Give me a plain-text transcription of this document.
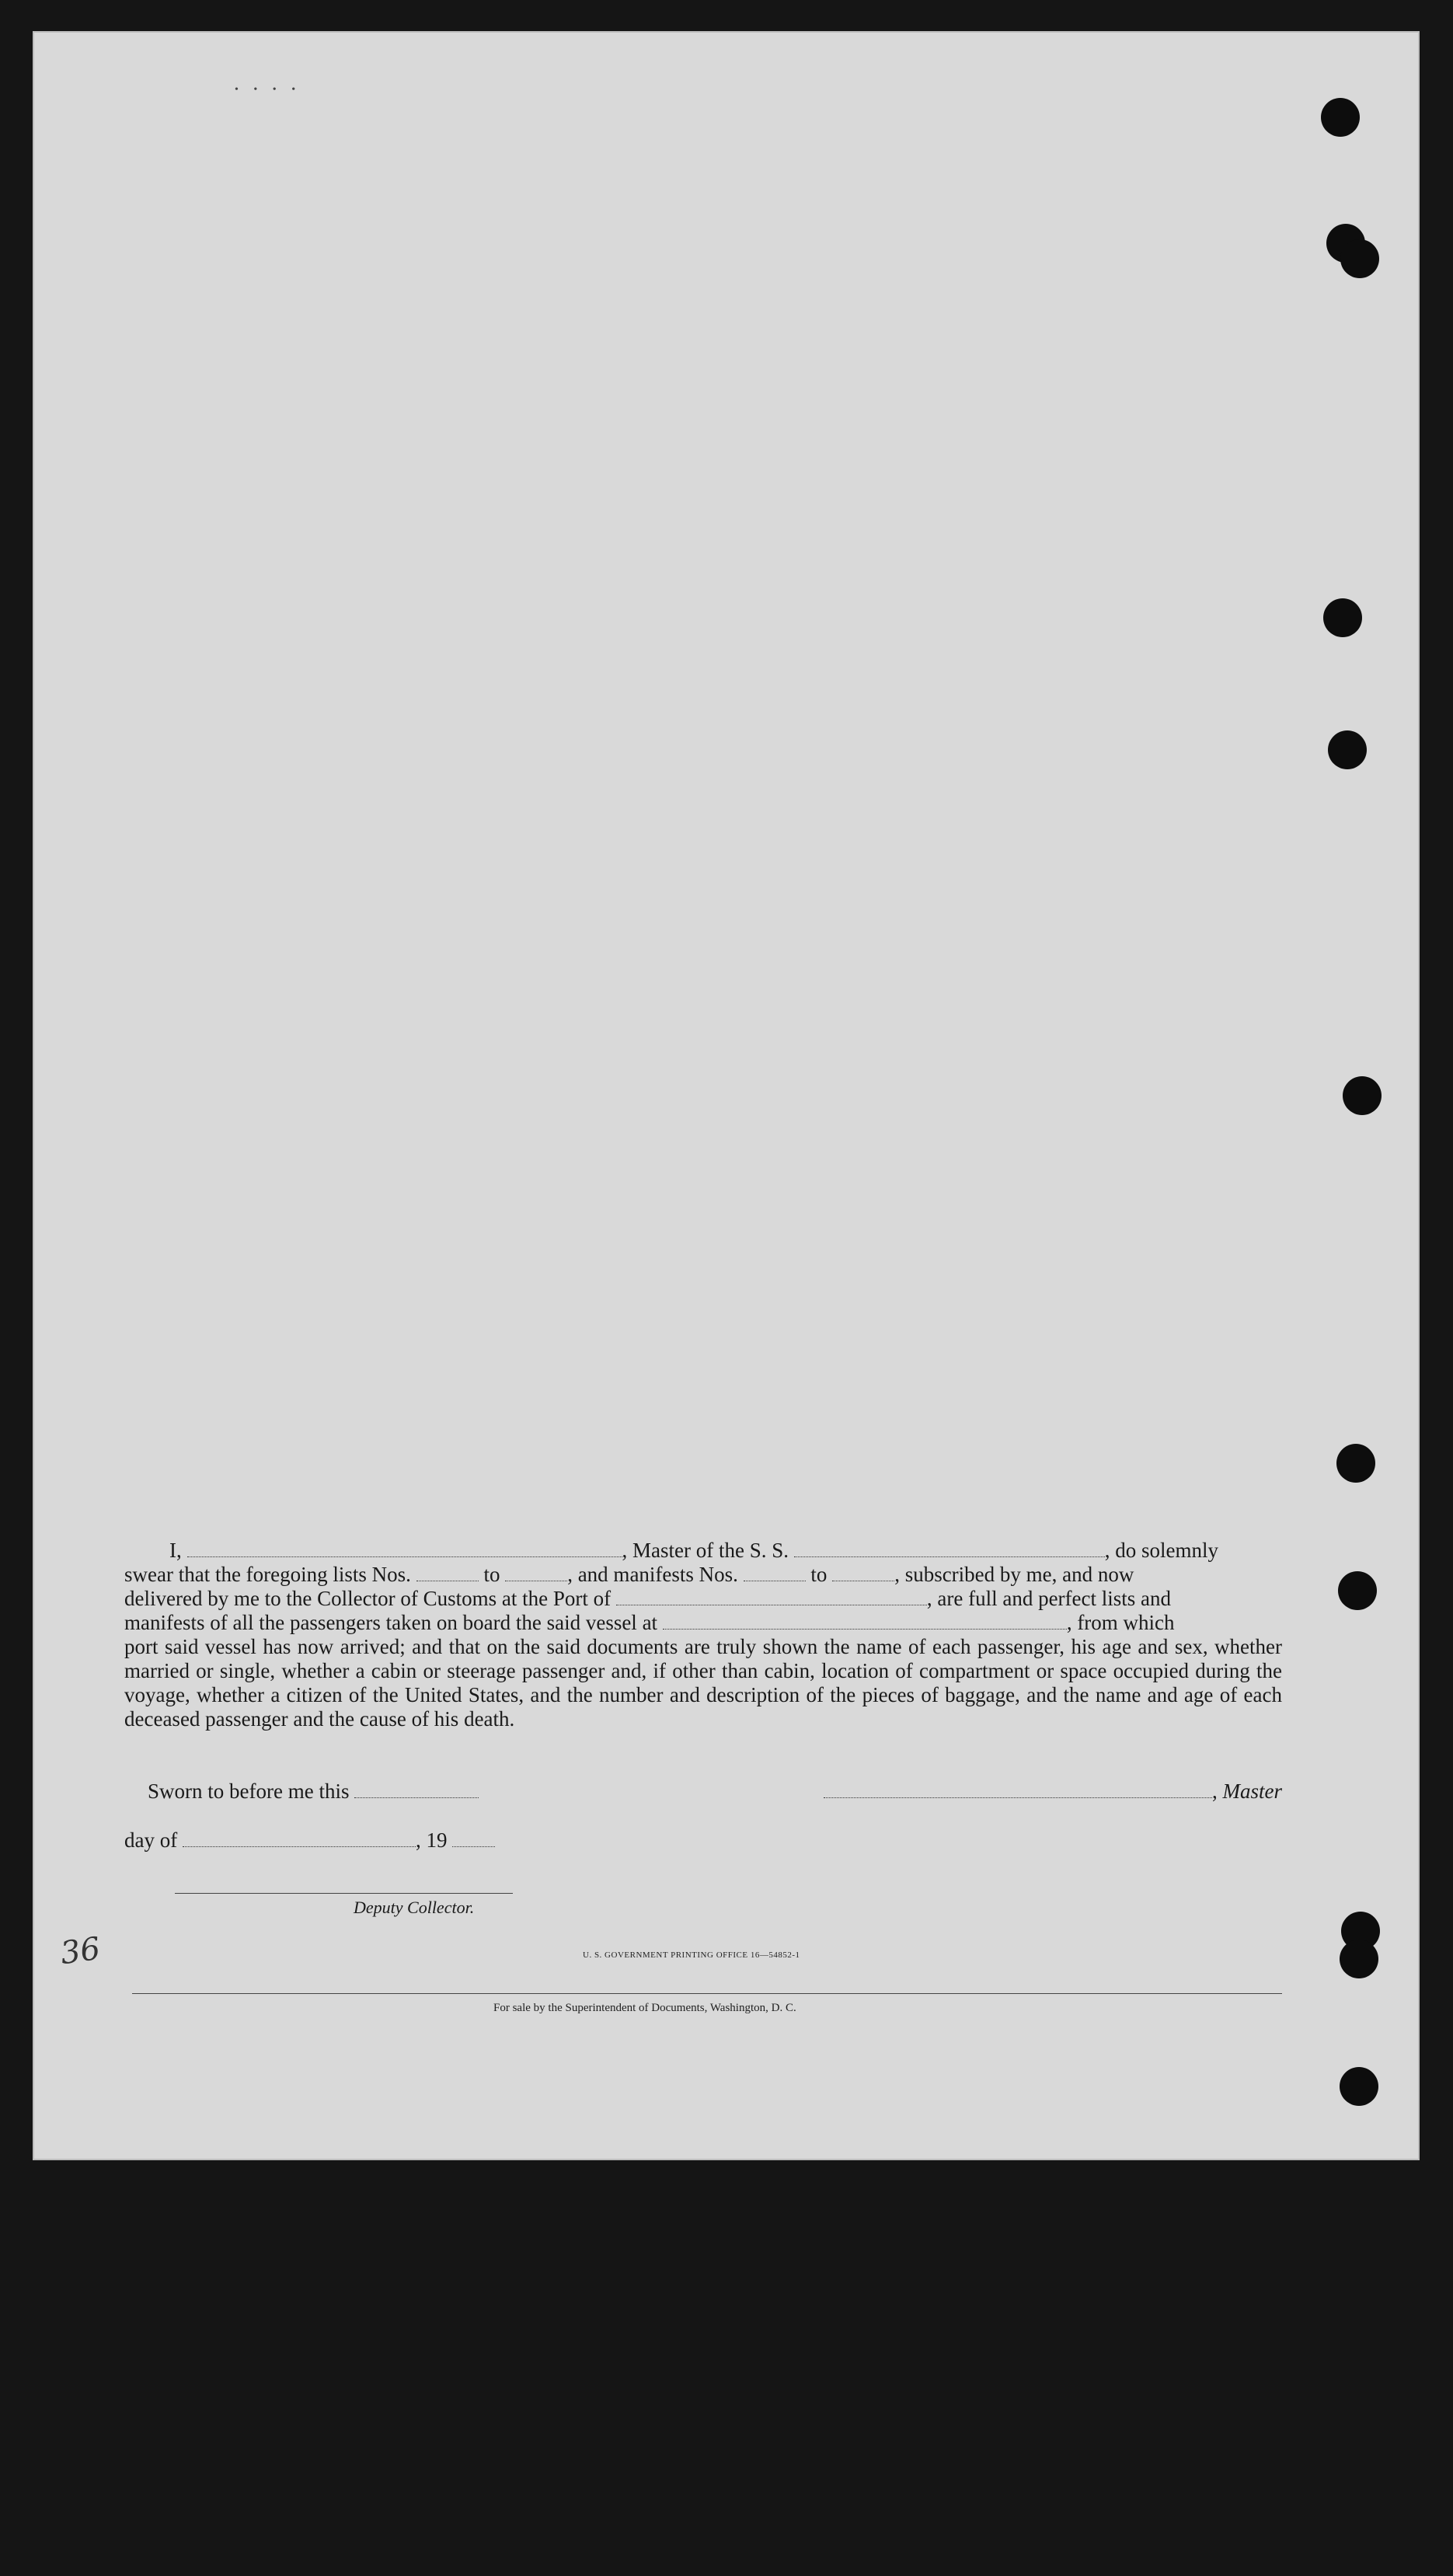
• • • •

I,	, Master of the S. S.	, do solemnly

swear that the foregoing lists Nos.	to	, and manifests Nos.	to	, subscribed by me, and now

delivered by me to the Collector of Customs at the Port of	, are full and perfect lists and

manifests of all the passengers taken on board the said vessel at	, from which

port said vessel has now arrived; and that on the said documents are truly shown the name of each passenger, his age and sex, whether married or single, whether a cabin or steerage passenger and, if other than cabin, location of compartment or space occupied during the voyage, whether a citizen of the United States, and the number and description of the pieces of baggage, and the name and age of each deceased passenger and the cause of his death.

Sworn to before me this	, Master
day of	, 19
Deputy Collector.
36	U. S. GOVERNMENT PRINTING OFFICE 16—54852-1
For sale by the Superintendent of Documents, Washington, D. C.
